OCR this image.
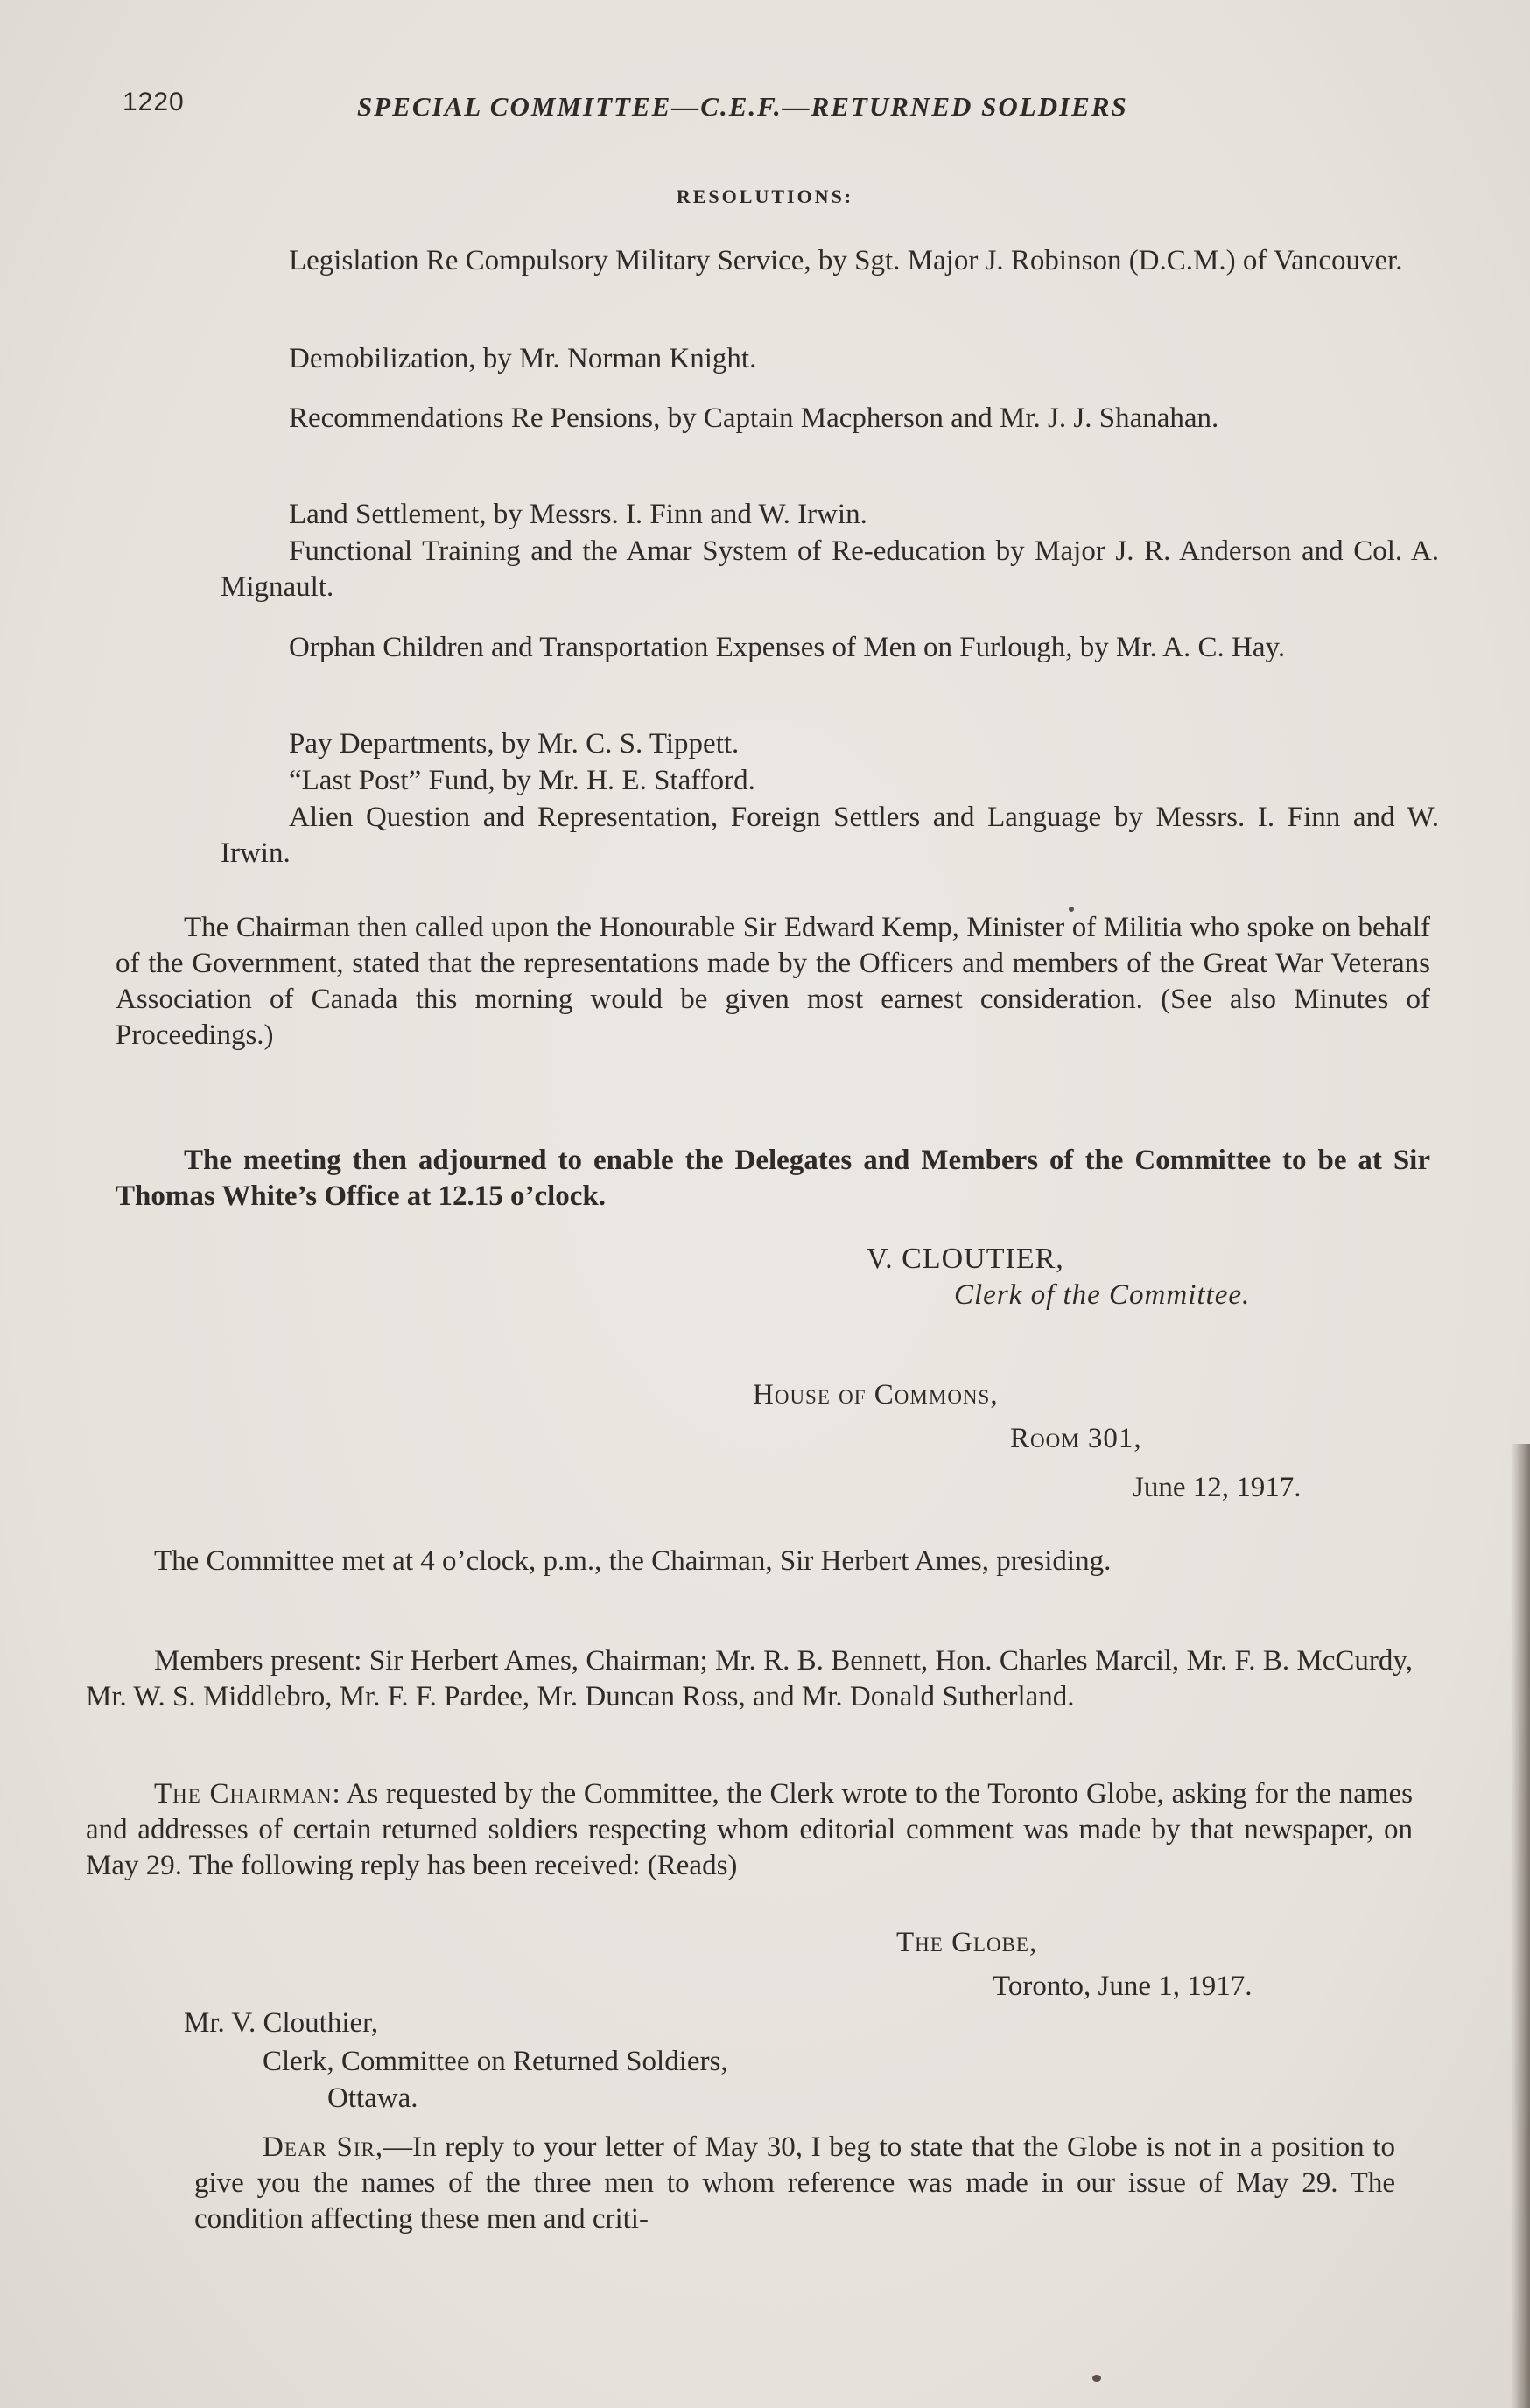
1220	SPECIAL COMMITTEE—C.E.F.—RETURNED SOLDIERS
RESOLUTIONS:
Legislation Re Compulsory Military Service, by Sgt. Major J. Robinson (D.C.M.) of Vancouver.
Demobilization, by Mr. Norman Knight.
Recommendations Re Pensions, by Captain Macpherson and Mr. J. J. Shanahan.
Land Settlement, by Messrs. I. Finn and W. Irwin.
Functional Training and the Amar System of Re-education by Major J. R. Anderson and Col. A. Mignault.
Orphan Children and Transportation Expenses of Men on Furlough, by Mr. A. C. Hay.
Pay Departments, by Mr. C. S. Tippett.
“Last Post” Fund, by Mr. H. E. Stafford.
Alien Question and Representation, Foreign Settlers and Language by Messrs. I. Finn and W. Irwin.
The Chairman then called upon the Honourable Sir Edward Kemp, Minister of Militia who spoke on behalf of the Government, stated that the representations made by the Officers and members of the Great War Veterans Association of Canada this morning would be given most earnest consideration. (See also Minutes of Proceedings.)
The meeting then adjourned to enable the Delegates and Members of the Committee to be at Sir Thomas White’s Office at 12.15 o’clock.
V. CLOUTIER,
Clerk of the Committee.
House of Commons,
Room 301,
June 12, 1917.
The Committee met at 4 o’clock, p.m., the Chairman, Sir Herbert Ames, presiding.
Members present: Sir Herbert Ames, Chairman; Mr. R. B. Bennett, Hon. Charles Marcil, Mr. F. B. McCurdy, Mr. W. S. Middlebro, Mr. F. F. Pardee, Mr. Duncan Ross, and Mr. Donald Sutherland.
The Chairman: As requested by the Committee, the Clerk wrote to the Toronto Globe, asking for the names and addresses of certain returned soldiers respecting whom editorial comment was made by that newspaper, on May 29. The following reply has been received: (Reads)
The Globe,
Toronto, June 1, 1917.
Mr. V. Clouthier,
Clerk, Committee on Returned Soldiers,
Ottawa.
Dear Sir,—In reply to your letter of May 30, I beg to state that the Globe is not in a position to give you the names of the three men to whom reference was made in our issue of May 29. The condition affecting these men and criti-
